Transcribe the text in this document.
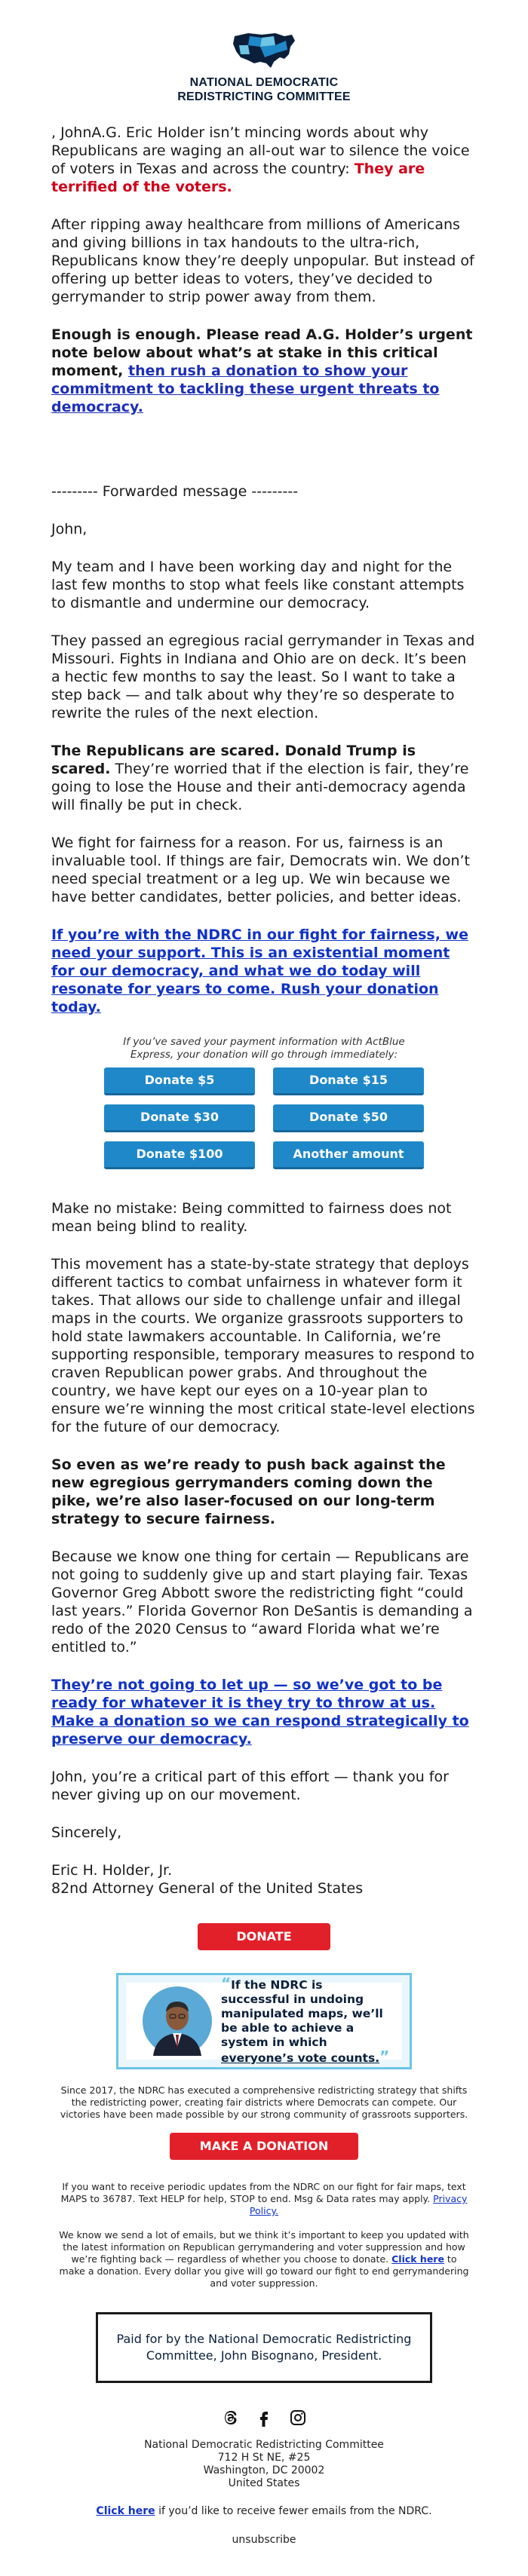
NATIONAL DEMOCRATIC
REDISTRICTING COMMITTEE

, JohnA.G. Eric Holder isn’t mincing words about why Republicans are waging an all-out war to silence the voice of voters in Texas and across the country: They are terrified of the voters.

After ripping away healthcare from millions of Americans and giving billions in tax handouts to the ultra-rich, Republicans know they’re deeply unpopular. But instead of offering up better ideas to voters, they’ve decided to gerrymander to strip power away from them.

Enough is enough. Please read A.G. Holder’s urgent note below about what’s at stake in this critical moment, then rush a donation to show your commitment to tackling these urgent threats to democracy.

--------- Forwarded message ---------

John,

My team and I have been working day and night for the last few months to stop what feels like constant attempts to dismantle and undermine our democracy.

They passed an egregious racial gerrymander in Texas and Missouri. Fights in Indiana and Ohio are on deck. It’s been a hectic few months to say the least. So I want to take a step back — and talk about why they’re so desperate to rewrite the rules of the next election.

The Republicans are scared. Donald Trump is scared. They’re worried that if the election is fair, they’re going to lose the House and their anti-democracy agenda will finally be put in check.

We fight for fairness for a reason. For us, fairness is an invaluable tool. If things are fair, Democrats win. We don’t need special treatment or a leg up. We win because we have better candidates, better policies, and better ideas.

If you’re with the NDRC in our fight for fairness, we need your support. This is an existential moment for our democracy, and what we do today will resonate for years to come. Rush your donation today.

If you’ve saved your payment information with ActBlue Express, your donation will go through immediately:
Donate $5	Donate $15
Donate $30	Donate $50
Donate $100	Another amount

Make no mistake: Being committed to fairness does not mean being blind to reality.

This movement has a state-by-state strategy that deploys different tactics to combat unfairness in whatever form it takes. That allows our side to challenge unfair and illegal maps in the courts. We organize grassroots supporters to hold state lawmakers accountable. In California, we’re supporting responsible, temporary measures to respond to craven Republican power grabs. And throughout the country, we have kept our eyes on a 10-year plan to ensure we’re winning the most critical state-level elections for the future of our democracy.

So even as we’re ready to push back against the new egregious gerrymanders coming down the pike, we’re also laser-focused on our long-term strategy to secure fairness.

Because we know one thing for certain — Republicans are not going to suddenly give up and start playing fair. Texas Governor Greg Abbott swore the redistricting fight “could last years.” Florida Governor Ron DeSantis is demanding a redo of the 2020 Census to “award Florida what we’re entitled to.”

They’re not going to let up — so we’ve got to be ready for whatever it is they try to throw at us. Make a donation so we can respond strategically to preserve our democracy.

John, you’re a critical part of this effort — thank you for never giving up on our movement.

Sincerely,

Eric H. Holder, Jr.
82nd Attorney General of the United States

DONATE
“If the NDRC is successful in undoing manipulated maps, we’ll be able to achieve a system in which everyone’s vote counts.”

Since 2017, the NDRC has executed a comprehensive redistricting strategy that shifts the redistricting power, creating fair districts where Democrats can compete. Our victories have been made possible by our strong community of grassroots supporters.

MAKE A DONATION

If you want to receive periodic updates from the NDRC on our fight for fair maps, text MAPS to 36787. Text HELP for help, STOP to end. Msg & Data rates may apply. Privacy Policy.

We know we send a lot of emails, but we think it’s important to keep you updated with the latest information on Republican gerrymandering and voter suppression and how we’re fighting back — regardless of whether you choose to donate. Click here to make a donation. Every dollar you give will go toward our fight to end gerrymandering and voter suppression.

Paid for by the National Democratic Redistricting Committee, John Bisognano, President.

National Democratic Redistricting Committee
712 H St NE, #25
Washington, DC 20002
United States
Click here if you’d like to receive fewer emails from the NDRC.
unsubscribe
